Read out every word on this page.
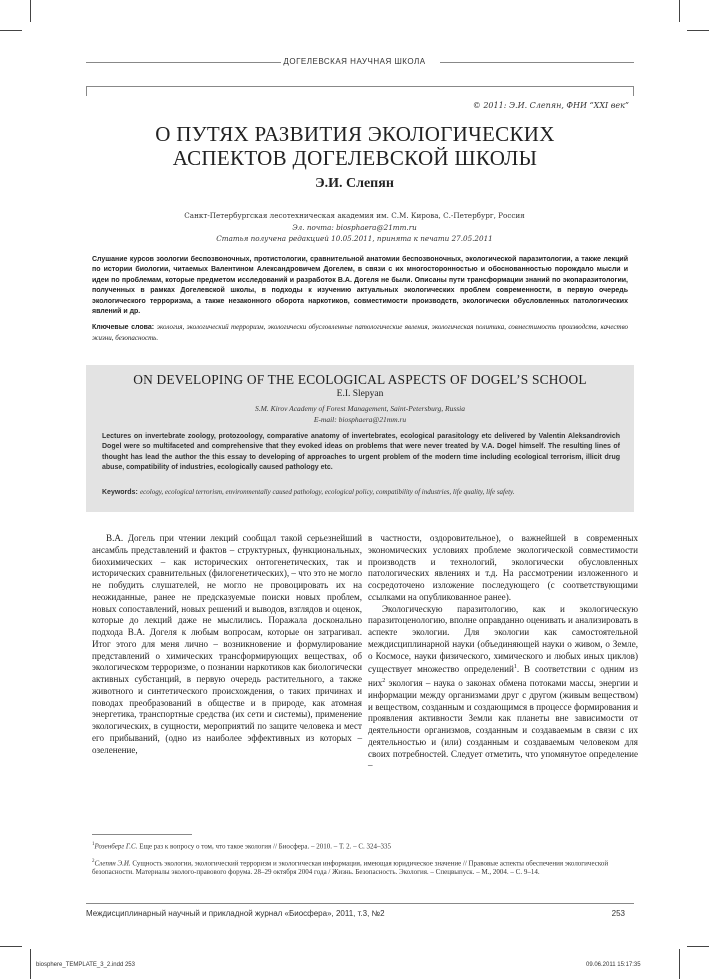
ДОГЕЛЕВСКАЯ НАУЧНАЯ ШКОЛА
© 2011: Э.И. Слепян, ФНИ “XXI век”
О ПУТЯХ РАЗВИТИЯ ЭКОЛОГИЧЕСКИХ
АСПЕКТОВ ДОГЕЛЕВСКОЙ ШКОЛЫ
Э.И. Слепян
Санкт-Петербургская лесотехническая академия им. С.М. Кирова, С.-Петербург, Россия
Эл. почта: biosphaera@21mm.ru
Статья получена редакцией 10.05.2011, принята к печати 27.05.2011
Слушание курсов зоологии беспозвоночных, протистологии, сравнительной анатомии беспозвоночных, экологической паразитологии, а также лекций по истории биологии, читаемых Валентином Александровичем Догелем, в связи с их многосторонностью и обоснованностью порождало мысли и идеи по проблемам, которые предметом исследований и разработок В.А. Догеля не были. Описаны пути трансформации знаний по экопаразитологии, полученных в рамках Догелевской школы, в подходы к изучению актуальных экологических проблем современности, в первую очередь экологического терроризма, а также незаконного оборота наркотиков, совместимости производств, экологически обусловленных патологических явлений и др.
Ключевые слова: экология, экологический терроризм, экологически обусловленные патологические явления, экологическая политика, совместимость производств, качество жизни, безопасность.
ON DEVELOPING OF THE ECOLOGICAL ASPECTS OF DOGEL’S SCHOOL
E.I. Slepyan
S.M. Kirov Academy of Forest Management, Saint-Petersburg, Russia
E-mail: biosphaera@21mm.ru
Lectures on invertebrate zoology, protozoology, comparative anatomy of invertebrates, ecological parasitology etc delivered by Valentin Aleksandrovich Dogel were so multifaceted and comprehensive that they evoked ideas on problems that were never treated by V.A. Dogel himself. The resulting lines of thought has lead the author the this essay to developing of approaches to urgent problem of the modern time including ecological terrorism, illicit drug abuse, compatibility of industries, ecologically caused pathology etc.
Keywords: ecology, ecological terrorism, environmentally caused pathology, ecological policy, compatibility of industries, life quality, life safety.

В.А. Догель при чтении лекций сообщал такой серьезнейший ансамбль представлений и фактов – структурных, функциональных, биохимических – как исторических онтогенетических, так и исторических сравнительных (филогенетических), – что это не могло не побудить слушателей, не могло не провоцировать их на неожиданные, ранее не предсказуемые поиски новых проблем, новых сопоставлений, новых решений и выводов, взглядов и оценок, которые до лекций даже не мыслились. Поражала досконально подхода В.А. Догеля к любым вопросам, которые он затрагивал. Итог этого для меня лично – возникновение и формулирование представлений о химических трансформирующих веществах, об экологическом терроризме, о познании наркотиков как биологически активных субстанций, в первую очередь растительного, а также животного и синтетического происхождения, о таких причинах и поводах преобразований в обществе и в природе, как атомная энергетика, транспортные средства (их сети и системы), применение экологических, в сущности, мероприятий по защите человека и мест его прибываний, (одно из наиболее эффективных из которых – озеленение,

в частности, оздоровительное), о важнейшей в современных экономических условиях проблеме экологической совместимости производств и технологий, экологически обусловленных патологических явлениях и т.д. На рассмотрении изложенного и сосредоточено изложение последующего (с соответствующими ссылками на опубликованное ранее).

Экологическую паразитологию, как и экологическую паразитоценологию, вполне оправданно оценивать и анализировать в аспекте экологии. Для экологии как самостоятельной междисциплинарной науки (объединяющей науки о живом, о Земле, о Космосе, науки физического, химического и любых иных циклов) существует множество определений$^1$. В соответствии с одним из них$^2$ экология – наука о законах обмена потоками массы, энергии и информации между организмами друг с другом (живым веществом) и веществом, созданным и создающимся в процессе формирования и проявления активности Земли как планеты вне зависимости от деятельности организмов, созданным и создаваемым в связи с их деятельностью и (или) созданным и создаваемым человеком для своих потребностей. Следует отметить, что упомянутое определение –

$^1$Розенберг Г.С. Еще раз к вопросу о том, что такое экология // Биосфера. – 2010. – Т. 2. – С. 324–335
$^2$Слепян Э.И. Сущность экологии, экологический терроризм и экологическая информация, имеющая юридическое значение // Правовые аспекты обеспечения экологической безопасности. Материалы эколого-правового форума. 28–29 октября 2004 года / Жизнь. Безопасность. Экология. – Спецвыпуск. – М., 2004. – С. 9–14.
Междисциплинарный научный и прикладной журнал «Биосфера», 2011, т.3, №2	253
biosphere_TEMPLATE_3_2.indd 253	09.06.2011 15:17:35
